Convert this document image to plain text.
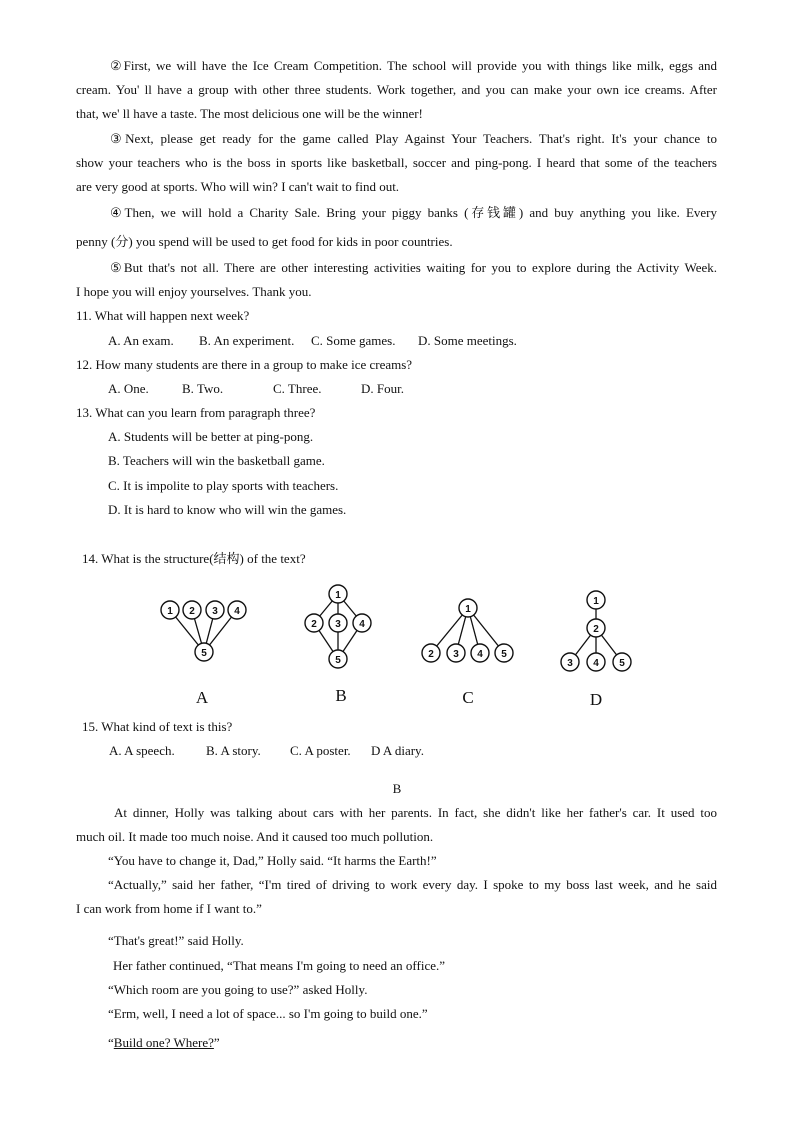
②First, we will have the Ice Cream Competition. The school will provide you with things like milk, eggs and
cream. You' ll have a group with other three students. Work together, and you can make your own ice creams. After
that, we' ll have a taste. The most delicious one will be the winner!
③Next, please get ready for the game called Play Against Your Teachers. That's right. It's your chance to
show your teachers who is the boss in sports like basketball, soccer and ping-pong. I heard that some of the teachers
are very good at sports. Who will win? I can't wait to find out.
④Then, we will hold a Charity Sale. Bring your piggy banks (存钱罐) and buy anything you like. Every
penny (分) you spend will be used to get food for kids in poor countries.
⑤But that's not all. There are other interesting activities waiting for you to explore during the Activity Week.
I hope you will enjoy yourselves. Thank you.
11. What will happen next week?
A. An exam. B. An experiment. C. Some games. D. Some meetings.
12. How many students are there in a group to make ice creams?
A. One.	B. Two.	C. Three.	D. Four.
13. What can you learn from paragraph three?
A. Students will be better at ping-pong.
B. Teachers will win the basketball game.
C. It is impolite to play sports with teachers.
D. It is hard to know who will win the games.
14. What is the structure(结构) of the text?
1 2 3 4
5
1
2 3 4
5
1
2 3 4 5
1
2
3 4 5
A	B	C	D
15. What kind of text is this?
A. A speech. B. A story. C. A poster. D A diary.
B
At dinner, Holly was talking about cars with her parents. In fact, she didn't like her father's car. It used too
much oil. It made too much noise. And it caused too much pollution.
“You have to change it, Dad,” Holly said. “It harms the Earth!”
“Actually,” said her father, “I'm tired of driving to work every day. I spoke to my boss last week, and he said
I can work from home if I want to.”
“That's great!” said Holly.
Her father continued, “That means I'm going to need an office.”
“Which room are you going to use?” asked Holly.
“Erm, well, I need a lot of space... so I'm going to build one.”
“Build one? Where?”
